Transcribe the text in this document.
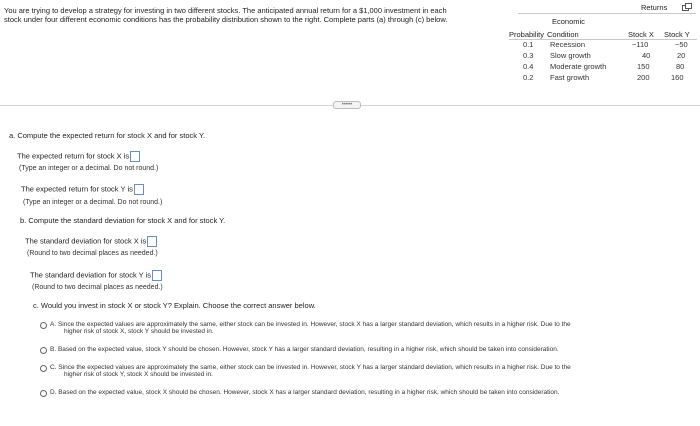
You are trying to develop a strategy for investing in two different stocks. The anticipated annual return for a $1,000 investment in each
stock under four different economic conditions has the probability distribution shown to the right. Complete parts (a) through (c) below.
Returns
Economic
Probability Condition	Stock X Stock Y
0.1 Recession	−110	−50
0.3 Slow growth	40	20
0.4 Moderate growth	150	80
0.2 Fast growth	200	160
•••••
a. Compute the expected return for stock X and for stock Y.
The expected return for stock X is
(Type an integer or a decimal. Do not round.)
The expected return for stock Y is
(Type an integer or a decimal. Do not round.)
b. Compute the standard deviation for stock X and for stock Y.
The standard deviation for stock X is
(Round to two decimal places as needed.)
The standard deviation for stock Y is
(Round to two decimal places as needed.)
c. Would you invest in stock X or stock Y? Explain. Choose the correct answer below.
A. Since the expected values are approximately the same, either stock can be invested in. However, stock X has a larger standard deviation, which results in a higher risk. Due to the
higher risk of stock X, stock Y should be invested in.
B. Based on the expected value, stock Y should be chosen. However, stock Y has a larger standard deviation, resulting in a higher risk, which should be taken into consideration.
C. Since the expected values are approximately the same, either stock can be invested in. However, stock Y has a larger standard deviation, which results in a higher risk. Due to the
higher risk of stock Y, stock X should be invested in.
D. Based on the expected value, stock X should be chosen. However, stock X has a larger standard deviation, resulting in a higher risk, which should be taken into consideration.
